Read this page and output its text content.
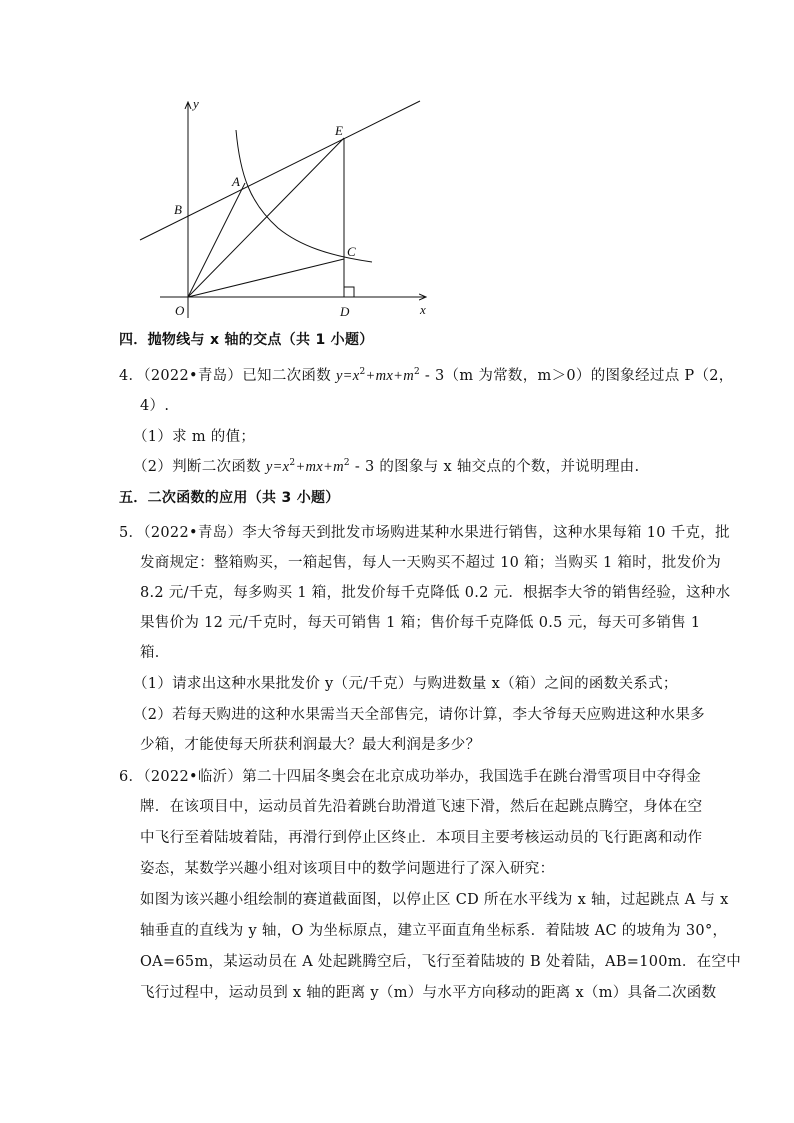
y
x
O
B
A
E
C
D
四．抛物线与 x 轴的交点（共 1 小题）
4．（2022•青岛）已知二次函数 $y=x^2+mx+m^2 - 3(m$ 为常数，m＞0）的图象经过点 P（2，
4）.
（1）求 m 的值；
（2）判断二次函数 $y=x^2+mx+m^2 - 3$ 的图象与 x 轴交点的个数，并说明理由.
五．二次函数的应用（共 3 小题）
5．（2022•青岛）李大爷每天到批发市场购进某种水果进行销售，这种水果每箱 10 千克，批
发商规定：整箱购买，一箱起售，每人一天购买不超过 10 箱；当购买 1 箱时，批发价为
8.2 元/千克，每多购买 1 箱，批发价每千克降低 0.2 元．根据李大爷的销售经验，这种水
果售价为 12 元/千克时，每天可销售 1 箱；售价每千克降低 0.5 元，每天可多销售 1
箱．
（1）请求出这种水果批发价 y（元/千克）与购进数量 x（箱）之间的函数关系式；
（2）若每天购进的这种水果需当天全部售完，请你计算，李大爷每天应购进这种水果多
少箱，才能使每天所获利润最大？最大利润是多少？
6．（2022•临沂）第二十四届冬奥会在北京成功举办，我国选手在跳台滑雪项目中夺得金
牌．在该项目中，运动员首先沿着跳台助滑道飞速下滑，然后在起跳点腾空，身体在空
中飞行至着陆坡着陆，再滑行到停止区终止．本项目主要考核运动员的飞行距离和动作
姿态，某数学兴趣小组对该项目中的数学问题进行了深入研究：
如图为该兴趣小组绘制的赛道截面图，以停止区 CD 所在水平线为 x 轴，过起跳点 A 与 x
轴垂直的直线为 y 轴，O 为坐标原点，建立平面直角坐标系．着陆坡 AC 的坡角为 30°，
OA=65m，某运动员在 A 处起跳腾空后，飞行至着陆坡的 B 处着陆，AB=100m．在空中
飞行过程中，运动员到 x 轴的距离 y（m）与水平方向移动的距离 x（m）具备二次函数
